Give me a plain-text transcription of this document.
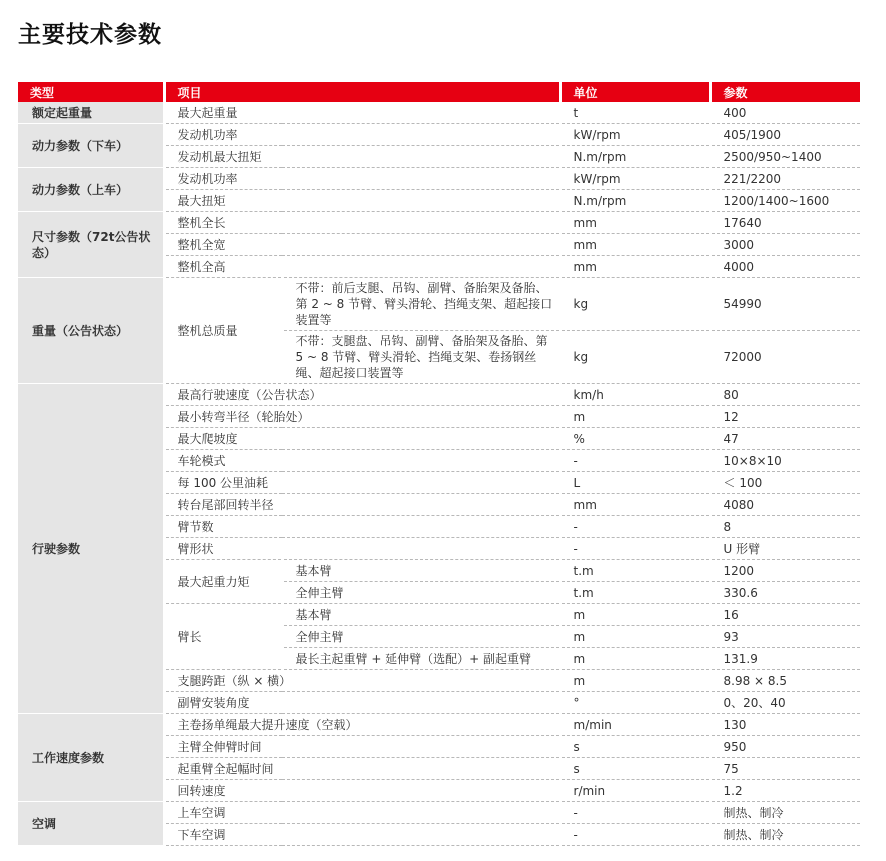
主要技术参数
类型	项目		单位	参数
额定起重量	最大起重量		t	400
动力参数（下车）	发动机功率		kW/rpm	405/1900
	发动机最大扭矩		N.m/rpm	2500/950~1400
动力参数（上车）	发动机功率		kW/rpm	221/2200
	最大扭矩		N.m/rpm	1200/1400~1600
尺寸参数（72t公告状态）	整机全长		mm	17640
	整机全宽		mm	3000
	整机全高		mm	4000
重量（公告状态）	整机总质量	不带：前后支腿、吊钩、副臂、备胎架及备胎、第 2 ~ 8 节臂、臂头滑轮、挡绳支架、超起接口装置等	kg	54990
		不带：支腿盘、吊钩、副臂、备胎架及备胎、第 5 ~ 8 节臂、臂头滑轮、挡绳支架、卷扬钢丝绳、超起接口装置等	kg	72000
行驶参数	最高行驶速度（公告状态）		km/h	80
	最小转弯半径（轮胎处）		m	12
	最大爬坡度		%	47
	车轮模式		-	10×8×10
	每 100 公里油耗		L	＜ 100
	转台尾部回转半径		mm	4080
	臂节数		-	8
	臂形状		-	U 形臂
	最大起重力矩	基本臂	t.m	1200
		全伸主臂	t.m	330.6
	臂长	基本臂	m	16
		全伸主臂	m	93
		最长主起重臂 + 延伸臂（选配）+ 副起重臂	m	131.9
	支腿跨距（纵 × 横）		m	8.98 × 8.5
	副臂安装角度		°	0、20、40
工作速度参数	主卷扬单绳最大提升速度（空载）		m/min	130
	主臂全伸臂时间		s	950
	起重臂全起幅时间		s	75
	回转速度		r/min	1.2
空调	上车空调		-	制热、制冷
	下车空调		-	制热、制冷
